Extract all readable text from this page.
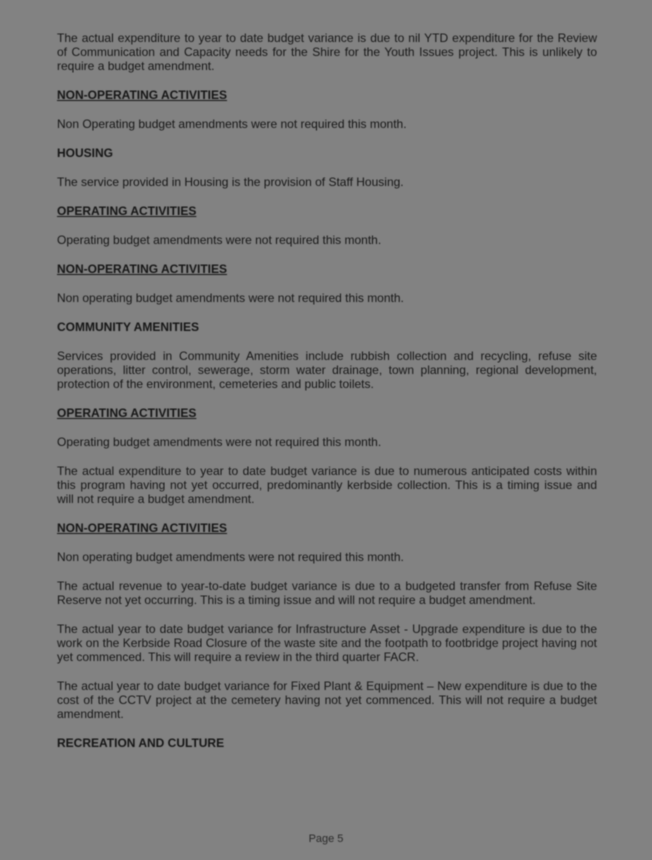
The actual expenditure to year to date budget variance is due to nil YTD expenditure for the Review of Communication and Capacity needs for the Shire for the Youth Issues project. This is unlikely to require a budget amendment.
NON-OPERATING ACTIVITIES
Non Operating budget amendments were not required this month.
HOUSING
The service provided in Housing is the provision of Staff Housing.
OPERATING ACTIVITIES
Operating budget amendments were not required this month.
NON-OPERATING ACTIVITIES
Non operating budget amendments were not required this month.
COMMUNITY AMENITIES
Services provided in Community Amenities include rubbish collection and recycling, refuse site operations, litter control, sewerage, storm water drainage, town planning, regional development, protection of the environment, cemeteries and public toilets.
OPERATING ACTIVITIES
Operating budget amendments were not required this month.
The actual expenditure to year to date budget variance is due to numerous anticipated costs within this program having not yet occurred, predominantly kerbside collection. This is a timing issue and will not require a budget amendment.
NON-OPERATING ACTIVITIES
Non operating budget amendments were not required this month.
The actual revenue to year-to-date budget variance is due to a budgeted transfer from Refuse Site Reserve not yet occurring. This is a timing issue and will not require a budget amendment.
The actual year to date budget variance for Infrastructure Asset - Upgrade expenditure is due to the work on the Kerbside Road Closure of the waste site and the footpath to footbridge project having not yet commenced. This will require a review in the third quarter FACR.
The actual year to date budget variance for Fixed Plant & Equipment – New expenditure is due to the cost of the CCTV project at the cemetery having not yet commenced. This will not require a budget amendment.
RECREATION AND CULTURE
Page 5
